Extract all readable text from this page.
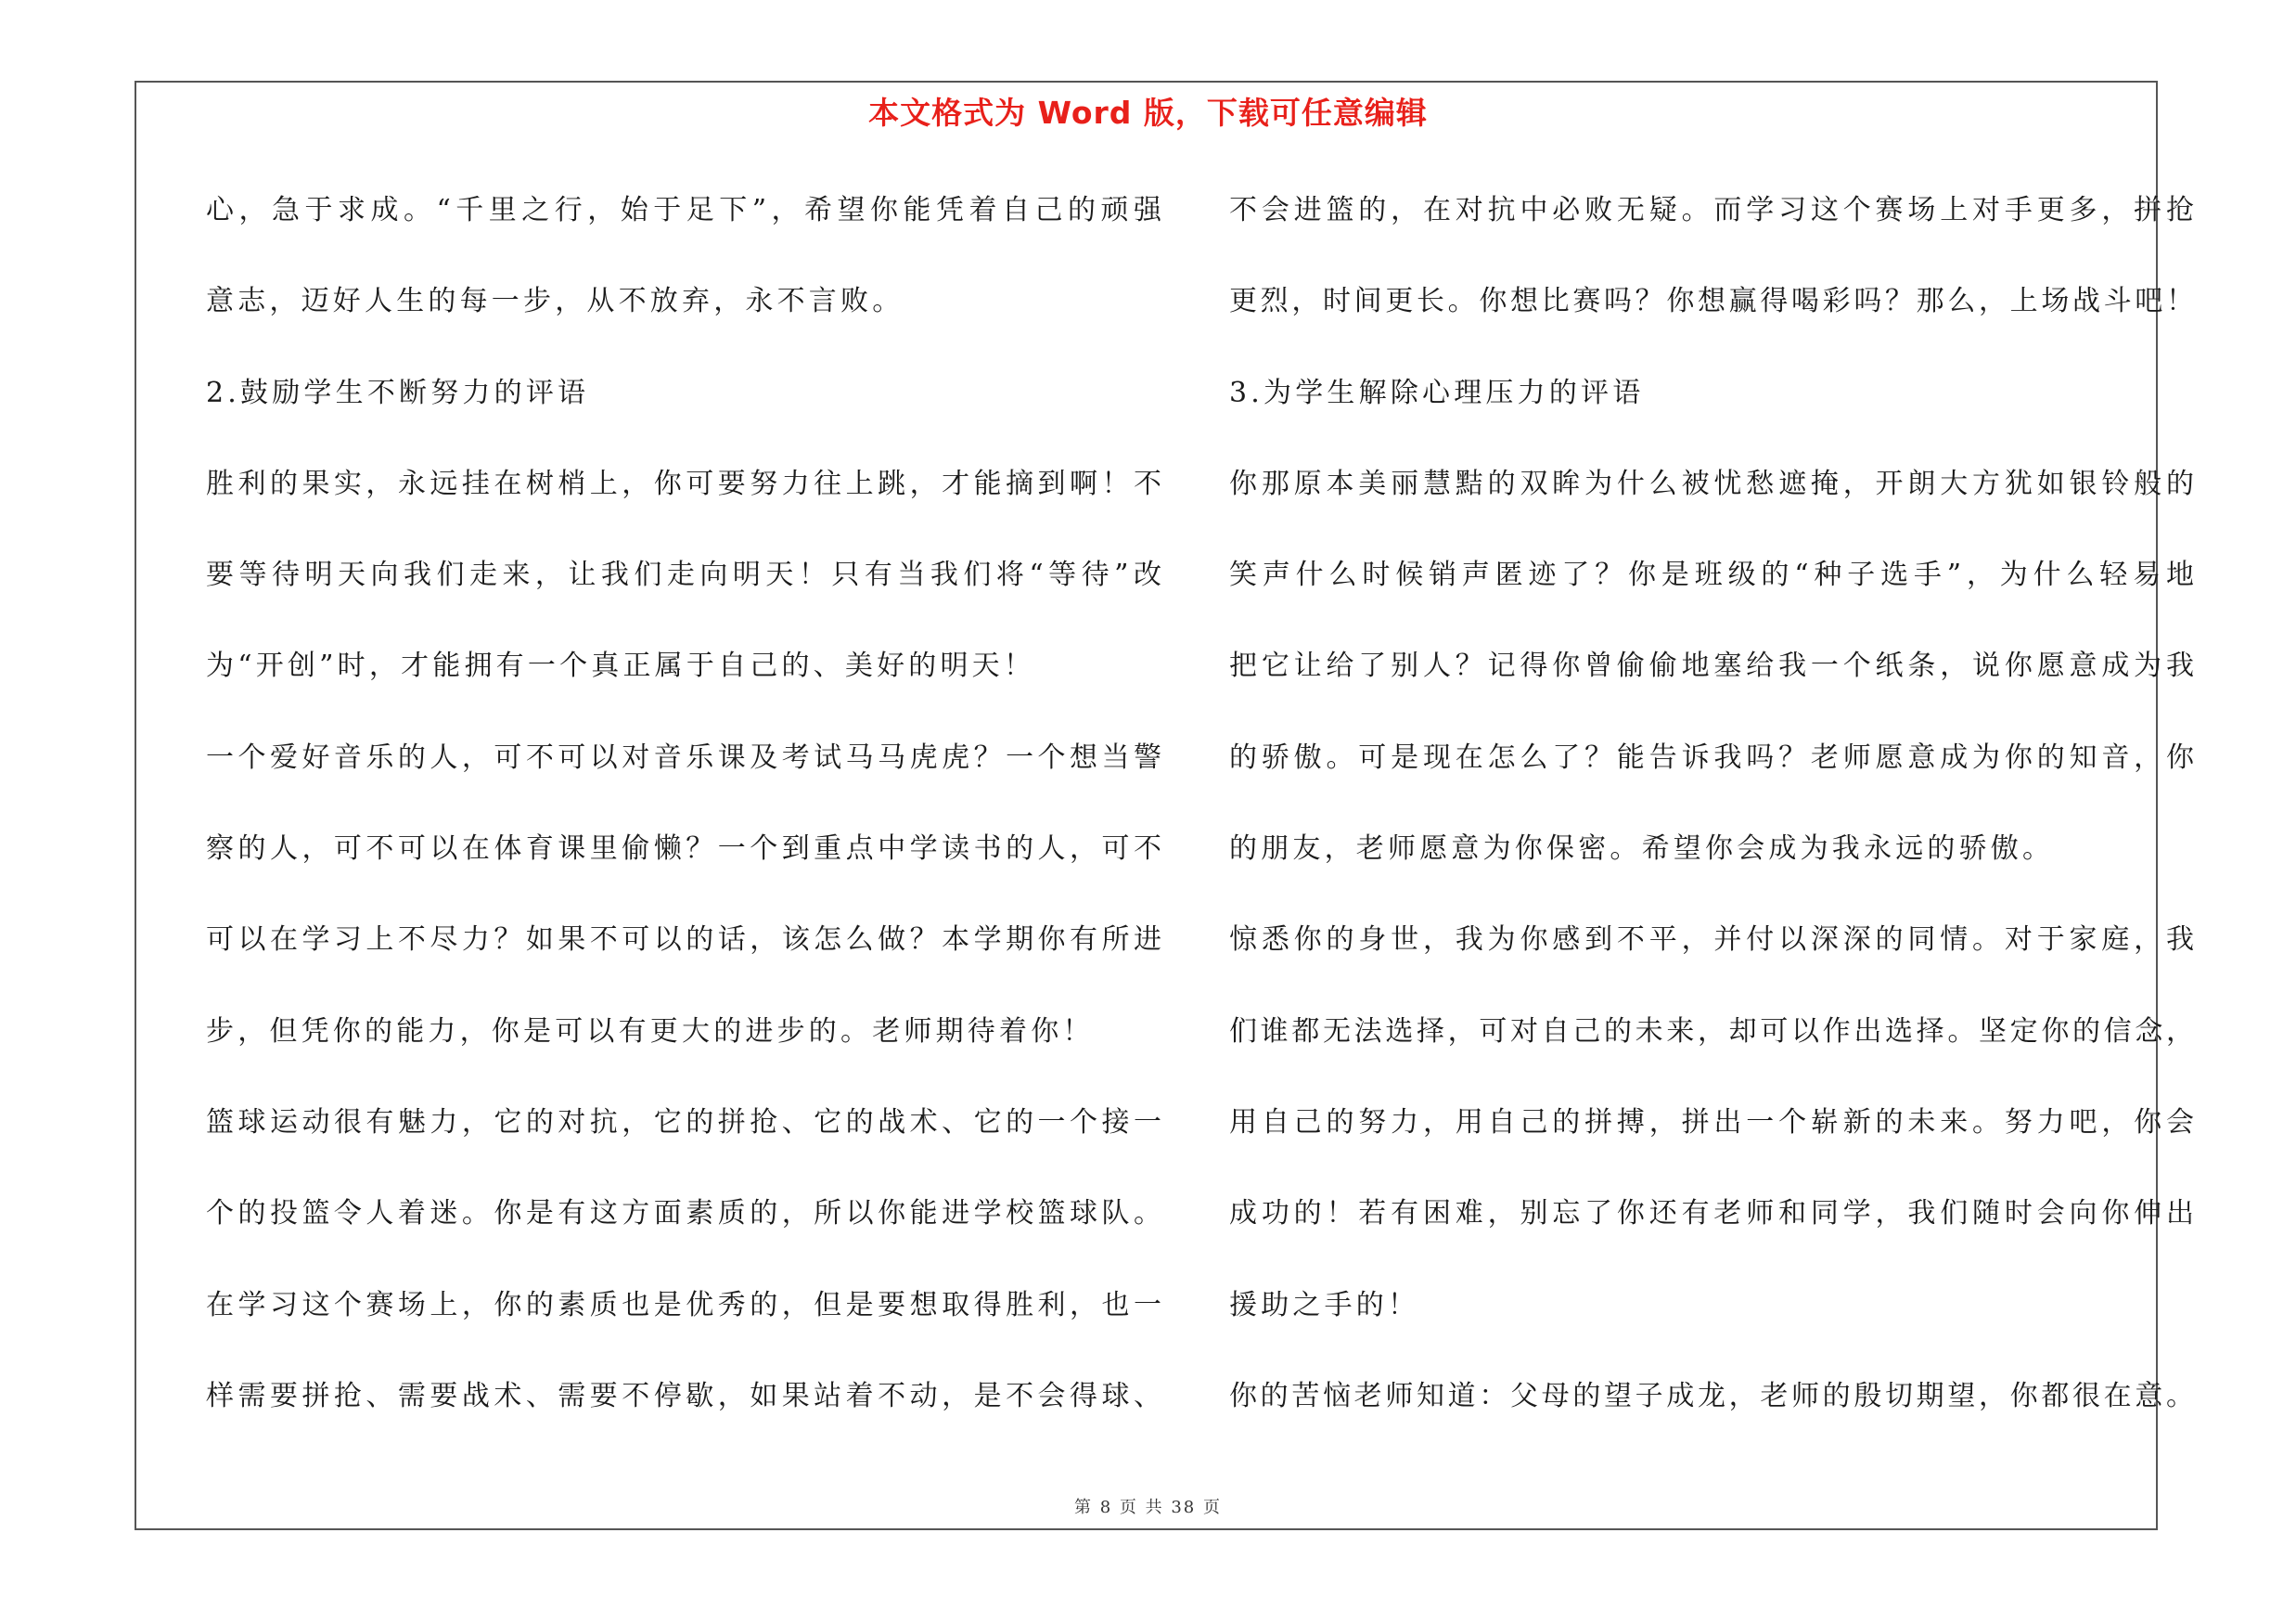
本文格式为 Word 版，下载可任意编辑
心，急于求成。“千里之行，始于足下”，希望你能凭着自己的顽强
意志，迈好人生的每一步，从不放弃，永不言败。
2.鼓励学生不断努力的评语
胜利的果实，永远挂在树梢上，你可要努力往上跳，才能摘到啊！不
要等待明天向我们走来，让我们走向明天！只有当我们将“等待”改
为“开创”时，才能拥有一个真正属于自己的、美好的明天！
一个爱好音乐的人，可不可以对音乐课及考试马马虎虎？一个想当警
察的人，可不可以在体育课里偷懒？一个到重点中学读书的人，可不
可以在学习上不尽力？如果不可以的话，该怎么做？本学期你有所进
步，但凭你的能力，你是可以有更大的进步的。老师期待着你！
篮球运动很有魅力，它的对抗，它的拼抢、它的战术、它的一个接一
个的投篮令人着迷。你是有这方面素质的，所以你能进学校篮球队。
在学习这个赛场上，你的素质也是优秀的，但是要想取得胜利，也一
样需要拼抢、需要战术、需要不停歇，如果站着不动，是不会得球、
不会进篮的，在对抗中必败无疑。而学习这个赛场上对手更多，拼抢
更烈，时间更长。你想比赛吗？你想赢得喝彩吗？那么，上场战斗吧！
3.为学生解除心理压力的评语
你那原本美丽慧黠的双眸为什么被忧愁遮掩，开朗大方犹如银铃般的
笑声什么时候销声匿迹了？你是班级的“种子选手”，为什么轻易地
把它让给了别人？记得你曾偷偷地塞给我一个纸条，说你愿意成为我
的骄傲。可是现在怎么了？能告诉我吗？老师愿意成为你的知音，你
的朋友，老师愿意为你保密。希望你会成为我永远的骄傲。
惊悉你的身世，我为你感到不平，并付以深深的同情。对于家庭，我
们谁都无法选择，可对自己的未来，却可以作出选择。坚定你的信念，
用自己的努力，用自己的拼搏，拼出一个崭新的未来。努力吧，你会
成功的！若有困难，别忘了你还有老师和同学，我们随时会向你伸出
援助之手的！
你的苦恼老师知道：父母的望子成龙，老师的殷切期望，你都很在意。
第 8 页 共 38 页
